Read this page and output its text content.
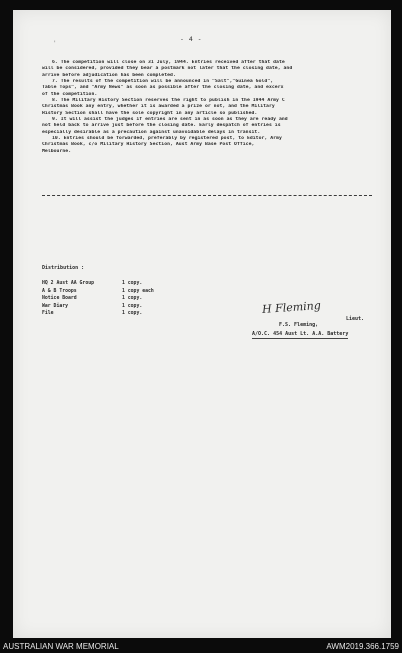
'
- 4 -
6. The competition will close on 31 July, 1944. Entries received after that date
will be considered, provided they bear a postmark not later that the closing date, and
arrive before adjudication has been completed.
7. The results of the competition will be announced in "Salt","Guinea Gold",
Table Tops", and "Army News" as soon as possible after the closing date, and excerx
of the competition.
8. The Military History Section reserves the right to publish in the 1944 Army C
Christmas Book any entry, whether it is awarded a prize or not, and the Military
History Section shall have the sole copyright in any article so published.
9. It will assist the judges if entries are sent in as soon as they are ready and
not held back to arrive just before the closing date. Early despatch of entries is
especially desirable as a precaution against unavoidable delays in transit.
10. Entries should be forwarded, preferably by registered post, to Editor, Army
Christmas Book, c/o Military History Section, Aust Army Base Post Office,
Melbourne.
Distribution :
HQ 2 Aust AA Group	1 copy.
A & B Troops	1 copy each
Notice Board	1 copy.
War Diary	1 copy.
File	1 copy.	H Fleming
Lieut.
F.S. Fleming,
A/O.C. 454 Aust Lt. A.A. Battery
AUSTRALIAN WAR MEMORIAL	AWM2019.366.1759
